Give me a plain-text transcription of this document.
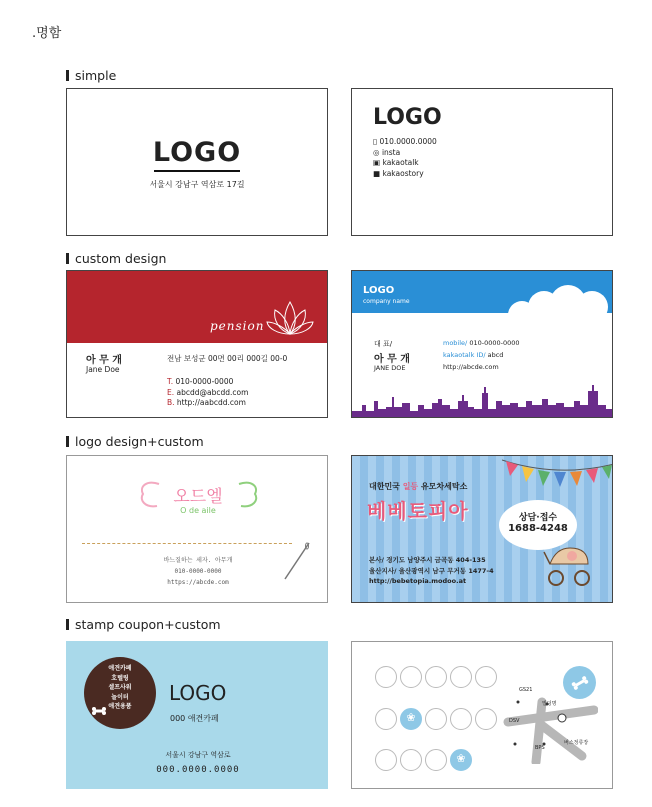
.명함
simple
LOGO
서울시 강남구 역삼로 17길
LOGO
▯ 010.0000.0000
◎ insta
▣ kakaotalk
■ kakaostory
custom design
pension
아 무 개
Jane Doe
전남 보성군 00면 00리 000길 00-0
T. 010-0000-0000
E. abcdd@abcdd.com
B. http://aabcdd.com
LOGO
company name
대 표/
아 무 개
JANE DOE
mobile/ 010-0000-0000
kakaotalk ID/ abcd
http://abcde.com
logo design+custom
오드엘
O de aile
바느질하는 세자. 아무개
010-0000-0000
https://abcde.com
대한민국 일등 유모차세탁소
베베토피아	상담·접수
1688-4248
본사/ 경기도 남양주시 금곡동 404-135
울산지사/ 울산광역시 남구 무거동 1477-4
http://bebetopia.modoo.at
stamp coupon+custom
애견카페
호텔링
셀프사워
놀이터
애견용품
LOGO
000 애견카페
서울시 강남구 역삼로
000.0000.0000
❀
❀
GS21
빌딩명
DSV
BPS
버스정류장
